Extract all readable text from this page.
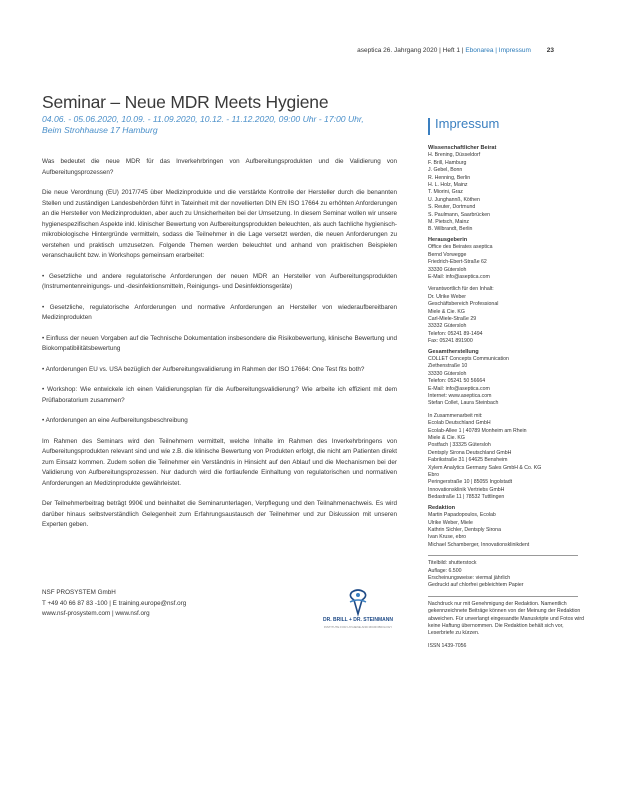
aseptica 26. Jahrgang 2020 | Heft 1 | Ebonarea | Impressum 23
Seminar – Neue MDR Meets Hygiene
04.06. - 05.06.2020, 10.09. - 11.09.2020, 10.12. - 11.12.2020, 09:00 Uhr - 17:00 Uhr, Beim Strohhause 17 Hamburg

Was bedeutet die neue MDR für das Inverkehrbringen von Aufbereitungsprodukten und die Validierung von Aufbereitungsprozessen?

Die neue Verordnung (EU) 2017/745 über Medizinprodukte und die verstärkte Kontrolle der Hersteller durch die benannten Stellen und zuständigen Landesbehörden führt in Tateinheit mit der novellierten DIN EN ISO 17664 zu erhöhten Anforderungen an die Hersteller von Medizinprodukten, aber auch zu Unsicherheiten bei der Umsetzung. In diesem Seminar wollen wir unsere hygienespezifischen Aspekte inkl. klinischer Bewertung von Aufbereitungsprodukten beleuchten, als auch fachliche hygienisch-mikrobiologische Hintergründe vermitteln, sodass die Teilnehmer in die Lage versetzt werden, die neuen Anforderungen zu verstehen und praktisch umzusetzen. Folgende Themen werden beleuchtet und anhand von praktischen Beispielen veranschaulicht bzw. in Workshops gemeinsam erarbeitet:

• Gesetzliche und andere regulatorische Anforderungen der neuen MDR an Hersteller von Aufbereitungsprodukten (Instrumentenreinigungs- und -desinfektionsmitteln, Reinigungs- und Desinfektionsgeräte)

• Gesetzliche, regulatorische Anforderungen und normative Anforderungen an Hersteller von wiederaufbereitbaren Medizinprodukten

• Einfluss der neuen Vorgaben auf die Technische Dokumentation insbesondere die Risikobewertung, klinische Bewertung und Biokompatibilitätsbewertung

• Anforderungen EU vs. USA bezüglich der Aufbereitungsvalidierung im Rahmen der ISO 17664: One Test fits both?

• Workshop: Wie entwickele ich einen Validierungsplan für die Aufbereitungsvalidierung? Wie arbeite ich effizient mit dem Prüflaboratorium zusammen?

• Anforderungen an eine Aufbereitungsbeschreibung

Im Rahmen des Seminars wird den Teilnehmern vermittelt, welche Inhalte im Rahmen des Inverkehrbringens von Aufbereitungsprodukten relevant sind und wie z.B. die klinische Bewertung von Produkten erfolgt, die nicht am Patienten direkt zum Einsatz kommen. Zudem sollen die Teilnehmer ein Verständnis in Hinsicht auf den Ablauf und die Mechanismen bei der Validierung von Aufbereitungsprozessen. Nur dadurch wird die fortlaufende Einhaltung von regulatorischen und normativen Anforderungen an Medizinprodukte gewährleistet.

Der Teilnehmerbeitrag beträgt 990€ und beinhaltet die Seminarunterlagen, Verpflegung und den Teilnahmenachweis. Es wird darüber hinaus selbstverständlich Gelegenheit zum Erfahrungsaustausch der Teilnehmer und zur Diskussion mit unseren Experten geben.

NSF PROSYSTEM GmbH
T +49 40 66 87 83 -100 | E training.europe@nsf.org
www.nsf-prosystem.com | www.nsf.org
DR. BRILL + DR. STEINMANN
INSTITUTE FOR HYGIENE AND MICROBIOLOGY
Impressum
Wissenschaftlicher Beirat
H. Brening, Düsseldorf
F. Brill, Hamburg
J. Gebel, Bonn
R. Henning, Berlin
H. L. Holz, Mainz
T. Miorini, Graz
U. Junghannß, Köthen
S. Reuter, Dortmund
S. Paulmann, Saarbrücken
M. Pietsch, Mainz
B. Wilbrandt, Berlin
Herausgeberin
Office des Beirates aseptica
Bernd Vorwegge
Friedrich-Ebert-Straße 62
33330 Gütersloh
E-Mail: info@aseptica.com
Verantwortlich für den Inhalt:
Dr. Ulrike Weber
Geschäftsbereich Professional
Miele & Cie. KG
Carl-Miele-Straße 29
33332 Gütersloh
Telefon: 05241 89-1494
Fax: 05241 891900
Gesamtherstellung
COLLET Concepts Communication
Ziethenstraße 10
33330 Gütersloh
Telefon: 05241 50 56664
E-Mail: info@aseptica.com
Internet: www.aseptica.com
Stefan Collet, Laura Steinbach
In Zusammenarbeit mit:
Ecolab Deutschland GmbH
Ecolab-Allee 1 | 40789 Monheim am Rhein
Miele & Cie. KG
Postfach | 33325 Gütersloh
Dentsply Sirona Deutschland GmbH
Fabrikstraße 31 | 64625 Bensheim
Xylem Analytics Germany Sales GmbH & Co. KG
Ebro
Peringerstraße 10 | 85055 Ingolstadt
Innovationsklinik Vertriebs GmbH
Bedastraße 11 | 78532 Tuttlingen
Redaktion
Martin Papadopoulos, Ecolab
Ulrike Weber, Miele
Kathrin Sichler, Dentsply Sirona
Ivan Kruse, ebro
Michael Schamberger, Innovationsklinikdent
Titelbild: shutterstock
Auflage: 6.500
Erscheinungsweise: viermal jährlich
Gedruckt auf chlorfrei gebleichtem Papier
Nachdruck nur mit Genehmigung der Redaktion. Namentlich gekennzeichnete Beiträge können von der Meinung der Redaktion abweichen. Für unverlangt eingesandte Manuskripte und Fotos wird keine Haftung übernommen. Die Redaktion behält sich vor, Leserbriefe zu kürzen.
ISSN 1439-7056
